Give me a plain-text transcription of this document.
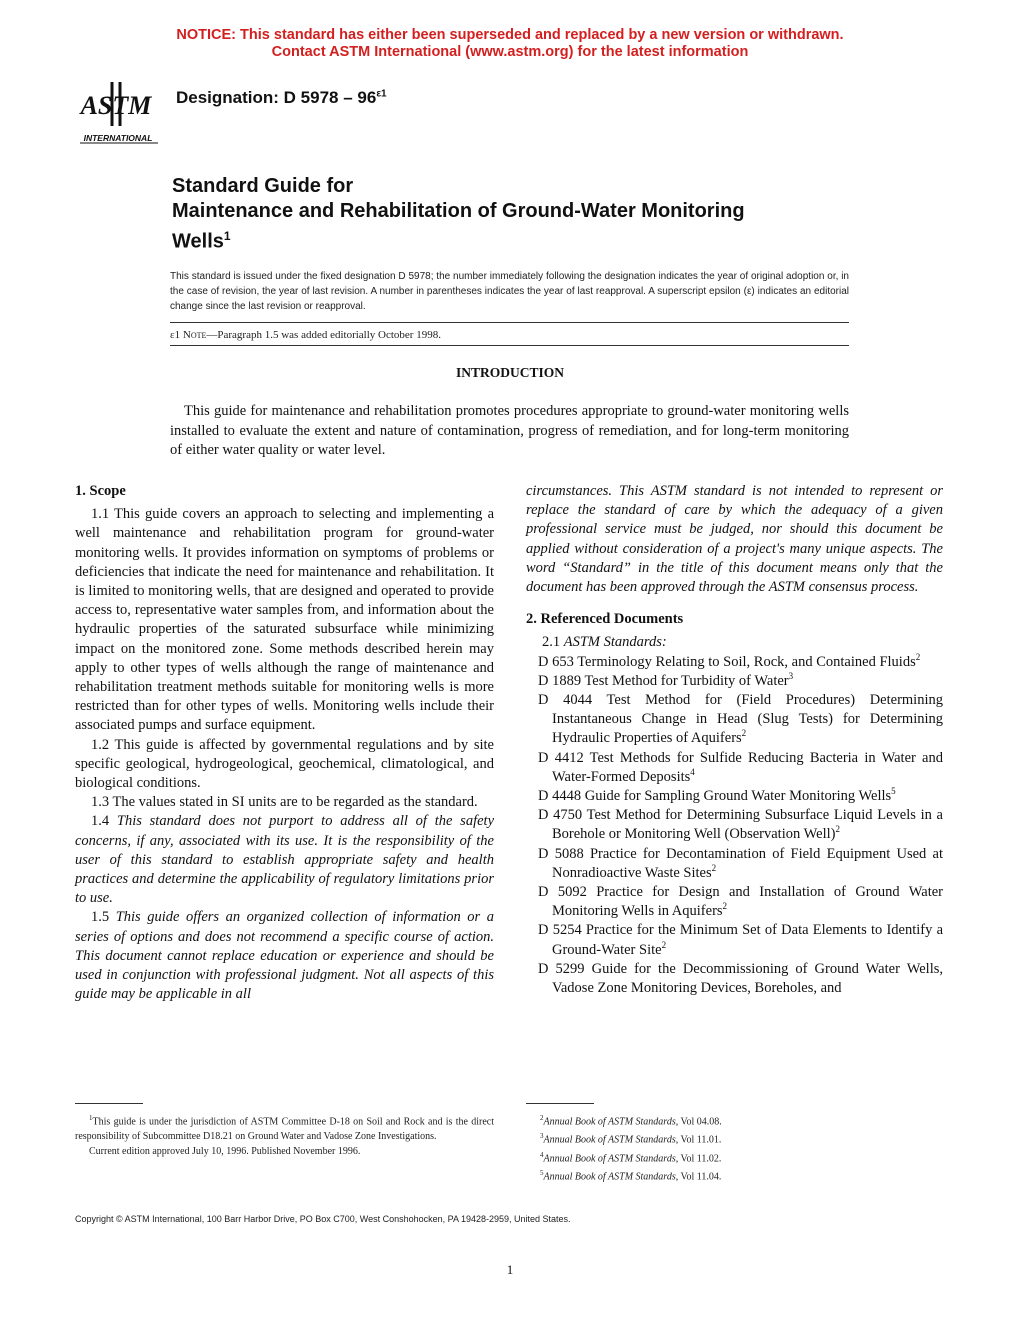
NOTICE: This standard has either been superseded and replaced by a new version or withdrawn.
Contact ASTM International (www.astm.org) for the latest information
ASTM
INTERNATIONAL
Designation: D $5978 - 96^{\varepsilon 1}$
Standard Guide for
Maintenance and Rehabilitation of Ground-Water Monitoring
Wells$^1$
This standard is issued under the fixed designation D 5978; the number immediately following the designation indicates the year of original adoption or, in the case of revision, the year of last revision. A number in parentheses indicates the year of last reapproval. A superscript epsilon (ε) indicates an editorial change since the last revision or reapproval.
ε1 Note—Paragraph 1.5 was added editorially October 1998.
INTRODUCTION
This guide for maintenance and rehabilitation promotes procedures appropriate to ground-water monitoring wells installed to evaluate the extent and nature of contamination, progress of remediation, and for long-term monitoring of either water quality or water level.
1. Scope

1.1 This guide covers an approach to selecting and implementing a well maintenance and rehabilitation program for ground-water monitoring wells. It provides information on symptoms of problems or deficiencies that indicate the need for maintenance and rehabilitation. It is limited to monitoring wells, that are designed and operated to provide access to, representative water samples from, and information about the hydraulic properties of the saturated subsurface while minimizing impact on the monitored zone. Some methods described herein may apply to other types of wells although the range of maintenance and rehabilitation treatment methods suitable for monitoring wells is more restricted than for other types of wells. Monitoring wells include their associated pumps and surface equipment.

1.2 This guide is affected by governmental regulations and by site specific geological, hydrogeological, geochemical, climatological, and biological conditions.

1.3 The values stated in SI units are to be regarded as the standard.

1.4 This standard does not purport to address all of the safety concerns, if any, associated with its use. It is the responsibility of the user of this standard to establish appropriate safety and health practices and determine the applicability of regulatory limitations prior to use.

1.5 This guide offers an organized collection of information or a series of options and does not recommend a specific course of action. This document cannot replace education or experience and should be used in conjunction with professional judgment. Not all aspects of this guide may be applicable in all

circumstances. This ASTM standard is not intended to represent or replace the standard of care by which the adequacy of a given professional service must be judged, nor should this document be applied without consideration of a project's many unique aspects. The word “Standard” in the title of this document means only that the document has been approved through the ASTM consensus process.

2. Referenced Documents

2.1 ASTM Standards:

D 653 Terminology Relating to Soil, Rock, and Contained Fluids$^2$

D 1889 Test Method for Turbidity of Water$^3$

D 4044 Test Method for (Field Procedures) Determining Instantaneous Change in Head (Slug Tests) for Determining Hydraulic Properties of Aquifers$^2$

D 4412 Test Methods for Sulfide Reducing Bacteria in Water and Water-Formed Deposits$^4$

D 4448 Guide for Sampling Ground Water Monitoring Wells$^5$

D 4750 Test Method for Determining Subsurface Liquid Levels in a Borehole or Monitoring Well (Observation Well)$^2$

D 5088 Practice for Decontamination of Field Equipment Used at Nonradioactive Waste Sites$^2$

D 5092 Practice for Design and Installation of Ground Water Monitoring Wells in Aquifers$^2$

D 5254 Practice for the Minimum Set of Data Elements to Identify a Ground-Water Site$^2$

D 5299 Guide for the Decommissioning of Ground Water Wells, Vadose Zone Monitoring Devices, Boreholes, and

$^1$This guide is under the jurisdiction of ASTM Committee D-18 on Soil and Rock and is the direct responsibility of Subcommittee D18.21 on Ground Water and Vadose Zone Investigations.

Current edition approved July 10, 1996. Published November 1996.

$^2$Annual Book of ASTM Standards, Vol 04.08.

$^3$Annual Book of ASTM Standards, Vol 11.01.

$^4$Annual Book of ASTM Standards, Vol 11.02.

$^5$Annual Book of ASTM Standards, Vol 11.04.

Copyright © ASTM International, 100 Barr Harbor Drive, PO Box C700, West Conshohocken, PA 19428-2959, United States.
1
